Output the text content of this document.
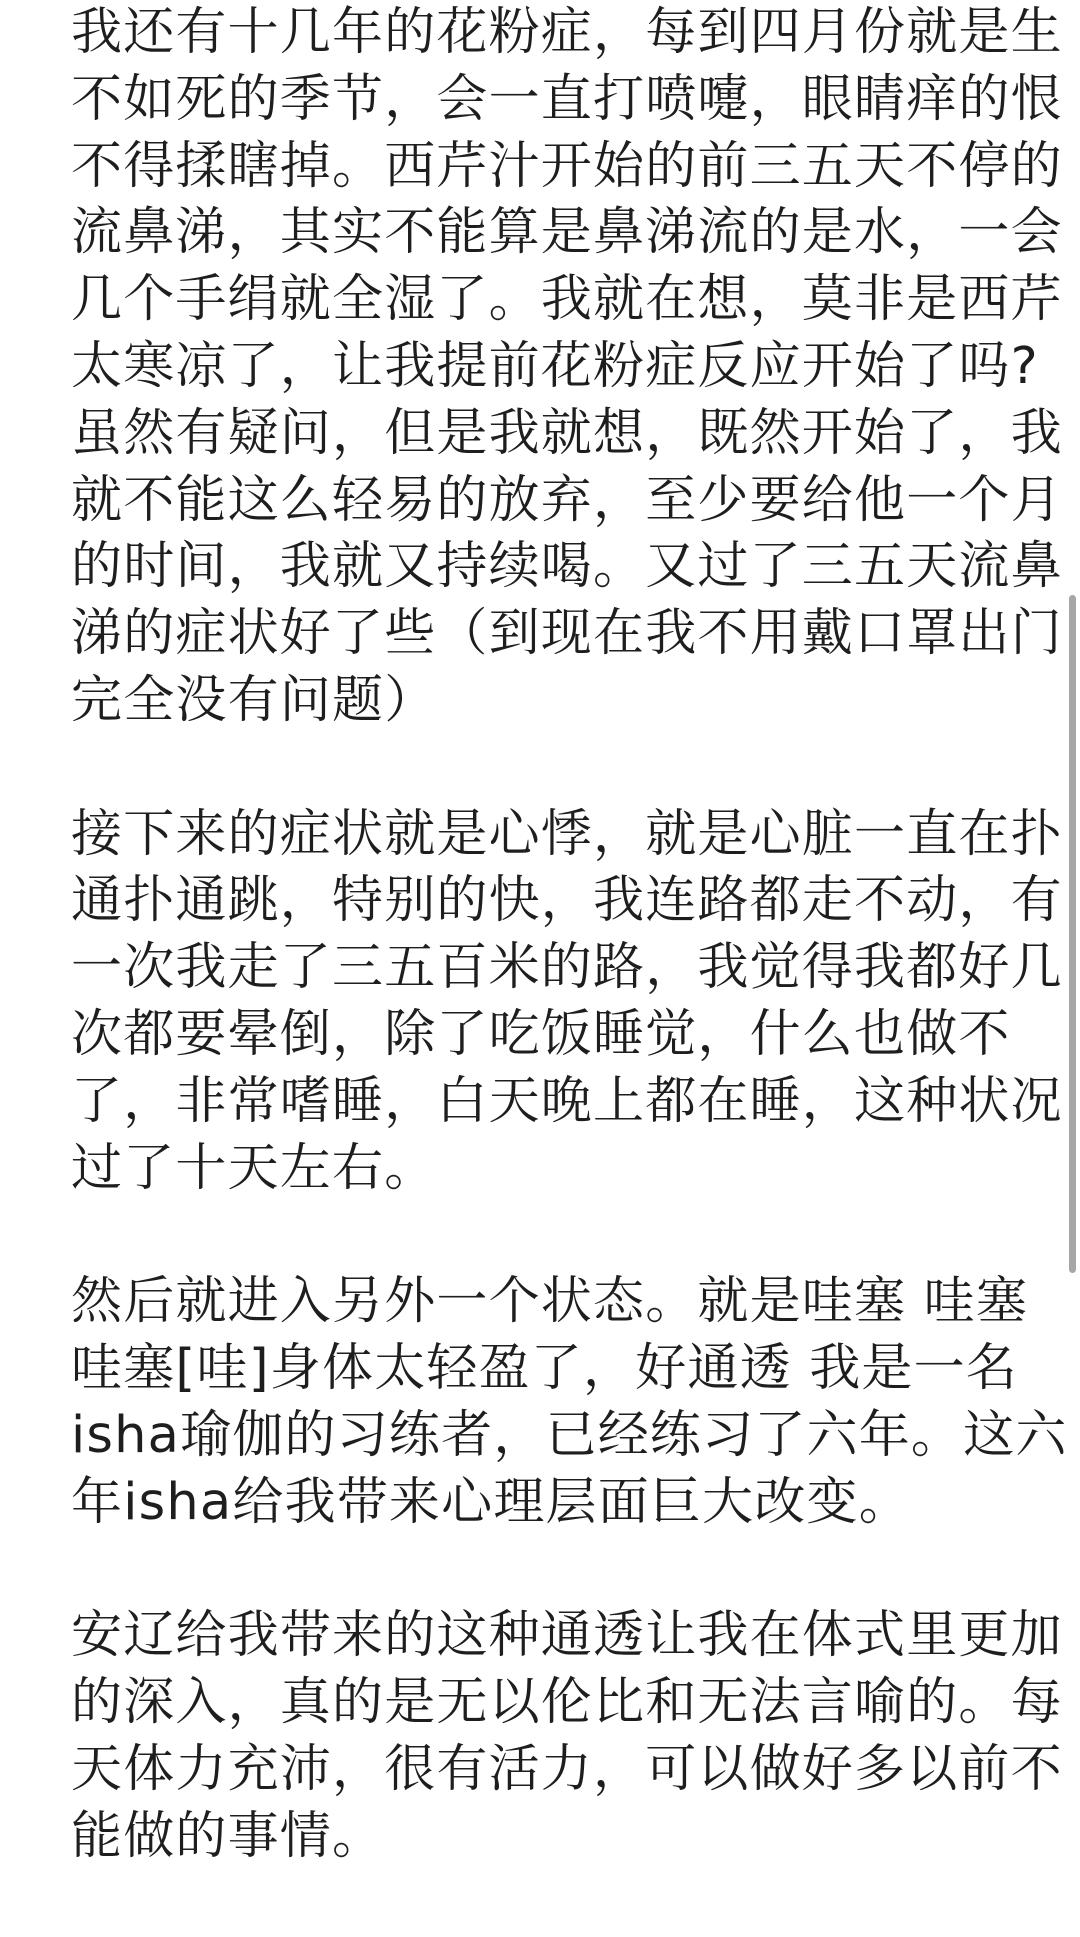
我还有十几年的花粉症，每到四月份就是生
不如死的季节，会一直打喷嚏，眼睛痒的恨
不得揉瞎掉。西芹汁开始的前三五天不停的
流鼻涕，其实不能算是鼻涕流的是水，一会
几个手绢就全湿了。我就在想，莫非是西芹
太寒凉了，让我提前花粉症反应开始了吗?
虽然有疑问，但是我就想，既然开始了，我
就不能这么轻易的放弃，至少要给他一个月
的时间，我就又持续喝。又过了三五天流鼻
涕的症状好了些（到现在我不用戴口罩出门
完全没有问题）
接下来的症状就是心悸，就是心脏一直在扑
通扑通跳，特别的快，我连路都走不动，有
一次我走了三五百米的路，我觉得我都好几
次都要晕倒，除了吃饭睡觉，什么也做不
了，非常嗜睡，白天晚上都在睡，这种状况
过了十天左右。
然后就进入另外一个状态。就是哇塞 哇塞
哇塞[哇]身体太轻盈了，好通透 我是一名
isha瑜伽的习练者，已经练习了六年。这六
年isha给我带来心理层面巨大改变。
安辽给我带来的这种通透让我在体式里更加
的深入，真的是无以伦比和无法言喻的。每
天体力充沛，很有活力，可以做好多以前不
能做的事情。
